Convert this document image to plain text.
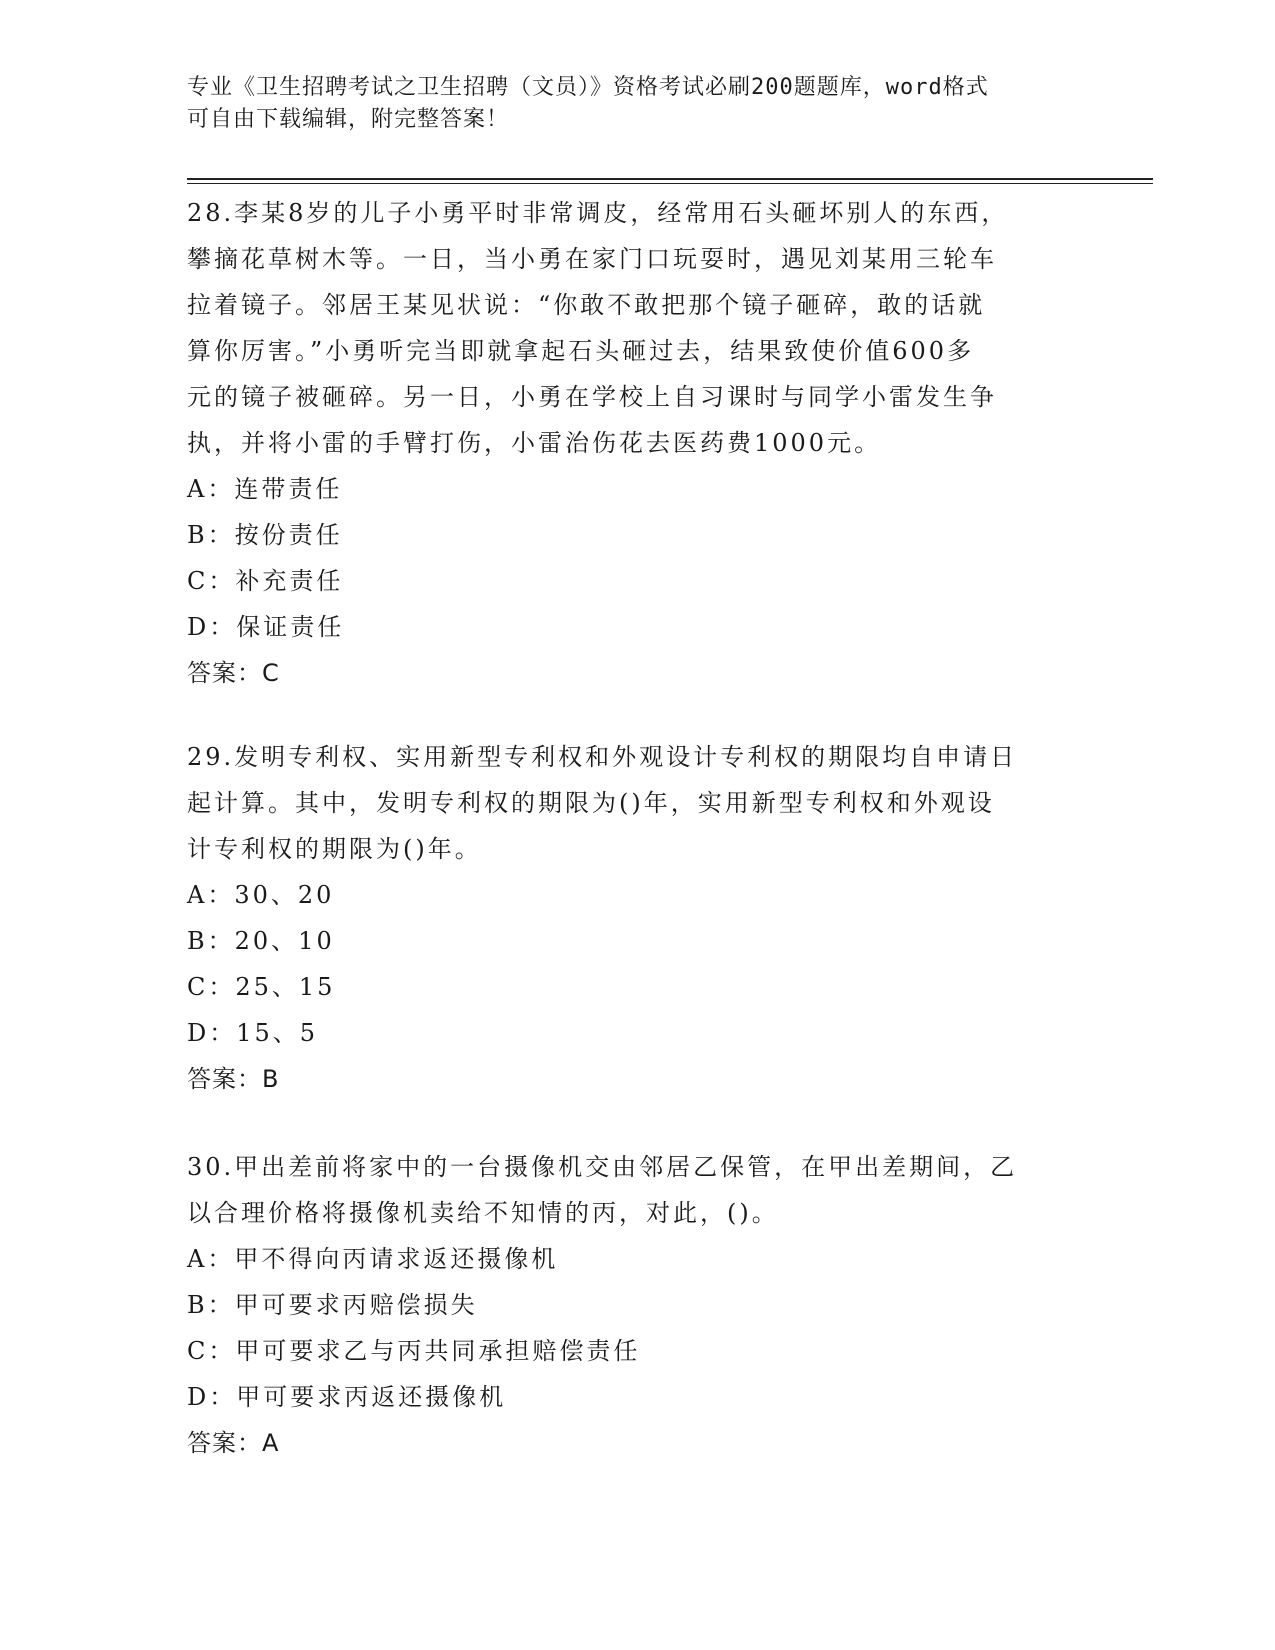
专业《卫生招聘考试之卫生招聘（文员）》资格考试必刷200题题库，word格式
可自由下载编辑，附完整答案！
28.李某8岁的儿子小勇平时非常调皮，经常用石头砸坏别人的东西，
攀摘花草树木等。一日，当小勇在家门口玩耍时，遇见刘某用三轮车
拉着镜子。邻居王某见状说：“你敢不敢把那个镜子砸碎，敢的话就
算你厉害。”小勇听完当即就拿起石头砸过去，结果致使价值600多
元的镜子被砸碎。另一日，小勇在学校上自习课时与同学小雷发生争
执，并将小雷的手臂打伤，小雷治伤花去医药费1000元。
A：连带责任
B：按份责任
C：补充责任
D：保证责任
答案：C
29.发明专利权、实用新型专利权和外观设计专利权的期限均自申请日
起计算。其中，发明专利权的期限为()年，实用新型专利权和外观设
计专利权的期限为()年。
A：30、20
B：20、10
C：25、15
D：15、5
答案：B
30.甲出差前将家中的一台摄像机交由邻居乙保管，在甲出差期间，乙
以合理价格将摄像机卖给不知情的丙，对此，()。
A：甲不得向丙请求返还摄像机
B：甲可要求丙赔偿损失
C：甲可要求乙与丙共同承担赔偿责任
D：甲可要求丙返还摄像机
答案：A
